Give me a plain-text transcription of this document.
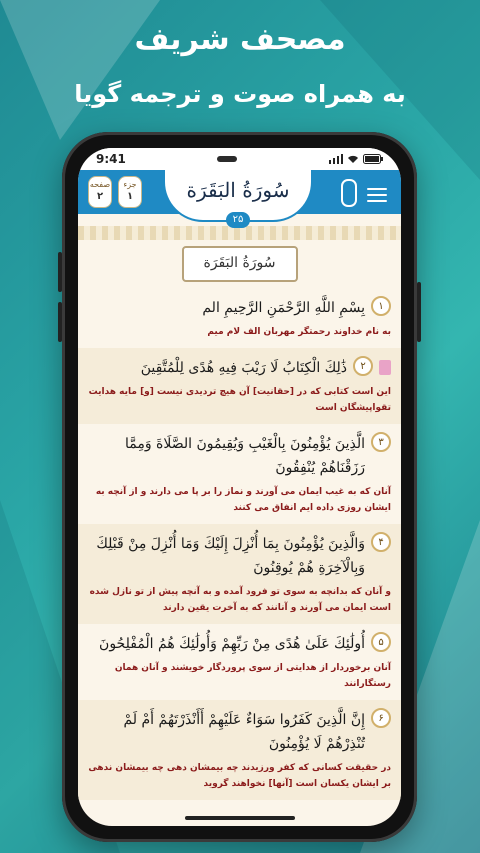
مصحف شریف
به همراه صوت و ترجمه گویا
9:41
صفحه
۲
جزء
۱	سُورَةُ البَقَرَة
۲۵
سُورَةُ البَقَرَة
۱
بِسْمِ اللَّهِ الرَّحْمَنِ الرَّحِيمِ الم
به نام خداوند رحمتگر مهربان الف لام میم
۲
ذَٰلِكَ الْكِتَابُ لَا رَيْبَ فِيهِ هُدًى لِلْمُتَّقِينَ
این است کتابی که در [حقانیت] آن هیچ تردیدی نیست [و] مایه هدایت تقواپیشگان است
۳
الَّذِينَ يُؤْمِنُونَ بِالْغَيْبِ وَيُقِيمُونَ الصَّلَاةَ وَمِمَّا رَزَقْنَاهُمْ يُنْفِقُونَ
آنان که به غیب ایمان می آورند و نماز را بر پا می دارند و از آنچه به ایشان روزی داده ایم انفاق می کنند
۴
وَالَّذِينَ يُؤْمِنُونَ بِمَا أُنْزِلَ إِلَيْكَ وَمَا أُنْزِلَ مِنْ قَبْلِكَ وَبِالْآخِرَةِ هُمْ يُوقِنُونَ
و آنان که بدانچه به سوی تو فرود آمده و به آنچه پیش از تو نازل شده است ایمان می آورند و آنانند که به آخرت یقین دارند
۵
أُولَٰئِكَ عَلَىٰ هُدًى مِنْ رَبِّهِمْ وَأُولَٰئِكَ هُمُ الْمُفْلِحُونَ
آنان برخوردار از هدایتی از سوی پروردگار خویشند و آنان همان رستگارانند
۶
إِنَّ الَّذِينَ كَفَرُوا سَوَاءٌ عَلَيْهِمْ أَأَنْذَرْتَهُمْ أَمْ لَمْ تُنْذِرْهُمْ لَا يُؤْمِنُونَ
در حقیقت کسانی که کفر ورزیدند چه بیمشان دهی چه بیمشان ندهی بر ایشان یکسان است [آنها] نخواهند گروید
